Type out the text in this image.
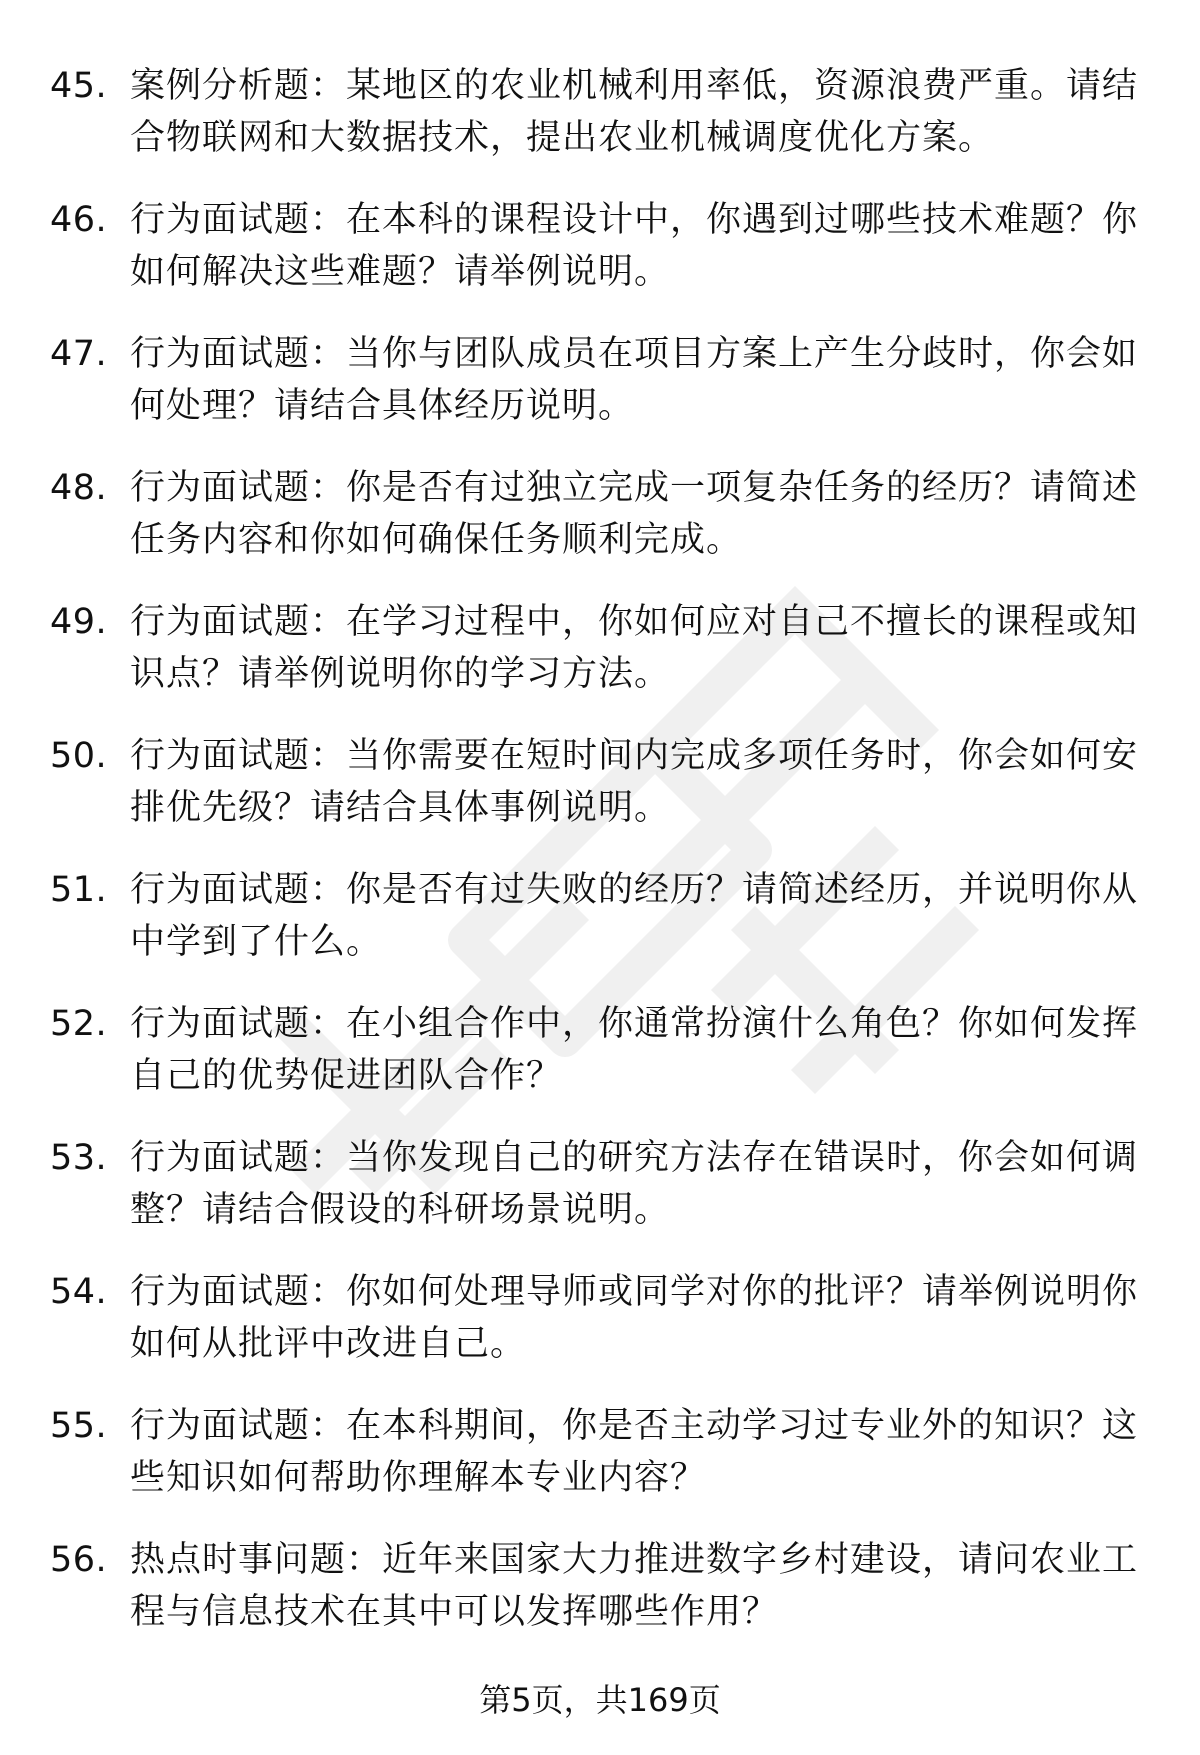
45. 案例分析题：某地区的农业机械利用率低，资源浪费严重。请结合物联网和大数据技术，提出农业机械调度优化方案。
46. 行为面试题：在本科的课程设计中，你遇到过哪些技术难题？你如何解决这些难题？请举例说明。
47. 行为面试题：当你与团队成员在项目方案上产生分歧时，你会如何处理？请结合具体经历说明。
48. 行为面试题：你是否有过独立完成一项复杂任务的经历？请简述任务内容和你如何确保任务顺利完成。
49. 行为面试题：在学习过程中，你如何应对自己不擅长的课程或知识点？请举例说明你的学习方法。
50. 行为面试题：当你需要在短时间内完成多项任务时，你会如何安排优先级？请结合具体事例说明。
51. 行为面试题：你是否有过失败的经历？请简述经历，并说明你从中学到了什么。
52. 行为面试题：在小组合作中，你通常扮演什么角色？你如何发挥自己的优势促进团队合作？
53. 行为面试题：当你发现自己的研究方法存在错误时，你会如何调整？请结合假设的科研场景说明。
54. 行为面试题：你如何处理导师或同学对你的批评？请举例说明你如何从批评中改进自己。
55. 行为面试题：在本科期间，你是否主动学习过专业外的知识？这些知识如何帮助你理解本专业内容？
56. 热点时事问题：近年来国家大力推进数字乡村建设，请问农业工程与信息技术在其中可以发挥哪些作用？
第5页，共169页
